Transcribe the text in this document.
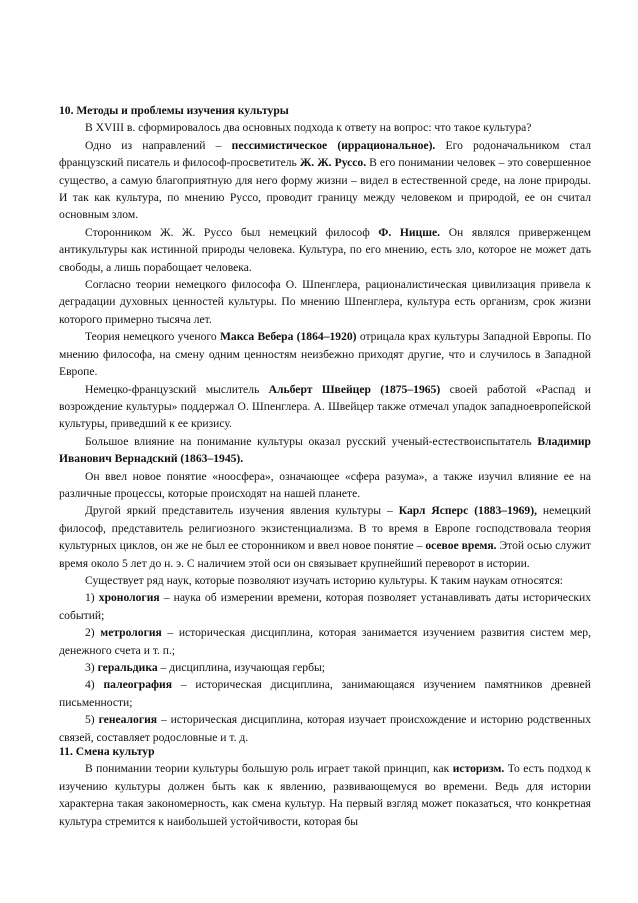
10. Методы и проблемы изучения культуры

В XVIII в. сформировалось два основных подхода к ответу на вопрос: что такое культура?

Одно из направлений – пессимистическое (иррациональное). Его родоначальником стал французский писатель и философ-просветитель Ж. Ж. Руссо. В его понимании человек – это совершенное существо, а самую благоприятную для него форму жизни – видел в естественной среде, на лоне природы. И так как культура, по мнению Руссо, проводит границу между человеком и природой, ее он считал основным злом.

Сторонником Ж. Ж. Руссо был немецкий философ Ф. Ницше. Он являлся приверженцем антикультуры как истинной природы человека. Культура, по его мнению, есть зло, которое не может дать свободы, а лишь порабощает человека.

Согласно теории немецкого философа О. Шпенглера, рационалистическая цивилизация привела к деградации духовных ценностей культуры. По мнению Шпенглера, культура есть организм, срок жизни которого примерно тысяча лет.

Теория немецкого ученого Макса Вебера (1864–1920) отрицала крах культуры Западной Европы. По мнению философа, на смену одним ценностям неизбежно приходят другие, что и случилось в Западной Европе.

Немецко-французский мыслитель Альберт Швейцер (1875–1965) своей работой «Распад и возрождение культуры» поддержал О. Шпенглера. А. Швейцер также отмечал упадок западноевропейской культуры, приведший к ее кризису.

Большое влияние на понимание культуры оказал русский ученый-естествоиспытатель Владимир Иванович Вернадский (1863–1945).

Он ввел новое понятие «ноосфера», означающее «сфера разума», а также изучил влияние ее на различные процессы, которые происходят на нашей планете.

Другой яркий представитель изучения явления культуры – Карл Ясперс (1883–1969), немецкий философ, представитель религиозного экзистенциализма. В то время в Европе господствовала теория культурных циклов, он же не был ее сторонником и ввел новое понятие – осевое время. Этой осью служит время около 5 лет до н. э. С наличием этой оси он связывает крупнейший переворот в истории.

Существует ряд наук, которые позволяют изучать историю культуры. К таким наукам относятся:

1) хронология – наука об измерении времени, которая позволяет устанавливать даты исторических событий;

2) метрология – историческая дисциплина, которая занимается изучением развития систем мер, денежного счета и т. п.;

3) геральдика – дисциплина, изучающая гербы;

4) палеография – историческая дисциплина, занимающаяся изучением памятников древней письменности;

5) генеалогия – историческая дисциплина, которая изучает происхождение и историю родственных связей, составляет родословные и т. д.

11. Смена культур

В понимании теории культуры большую роль играет такой принцип, как историзм. То есть подход к изучению культуры должен быть как к явлению, развивающемуся во времени. Ведь для истории характерна такая закономерность, как смена культур. На первый взгляд может показаться, что конкретная культура стремится к наибольшей устойчивости, которая бы
